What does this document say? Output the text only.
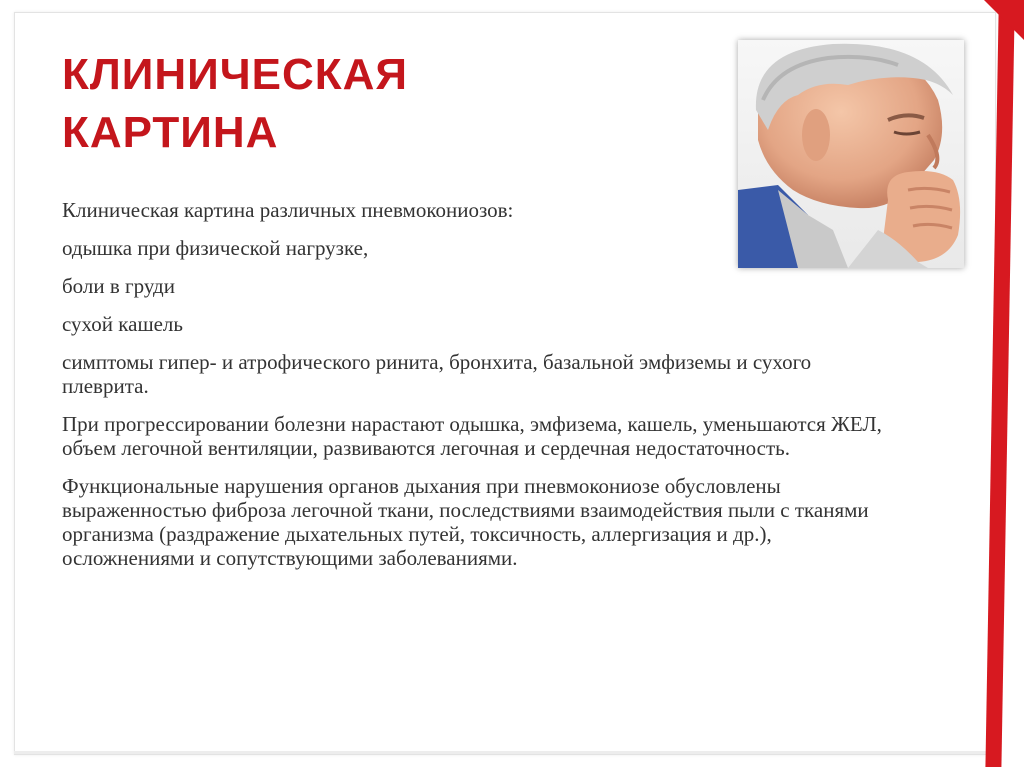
КЛИНИЧЕСКАЯ
КАРТИНА

Клиническая картина различных пневмокониозов:

одышка при физической нагрузке,

боли в груди

сухой кашель

симптомы гипер- и атрофического ринита, бронхита, базальной эмфиземы и сухого плеврита.

При прогрессировании болезни нарастают одышка, эмфизема, кашель, уменьшаются ЖЕЛ, объем легочной вентиляции, развиваются легочная и сердечная недостаточность.

Функциональные нарушения органов дыхания при пневмокониозе обусловлены выраженностью фиброза легочной ткани, последствиями взаимодействия пыли с тканями организма (раздражение дыхательных путей, токсичность, аллергизация и др.), осложнениями и сопутствующими заболеваниями.
